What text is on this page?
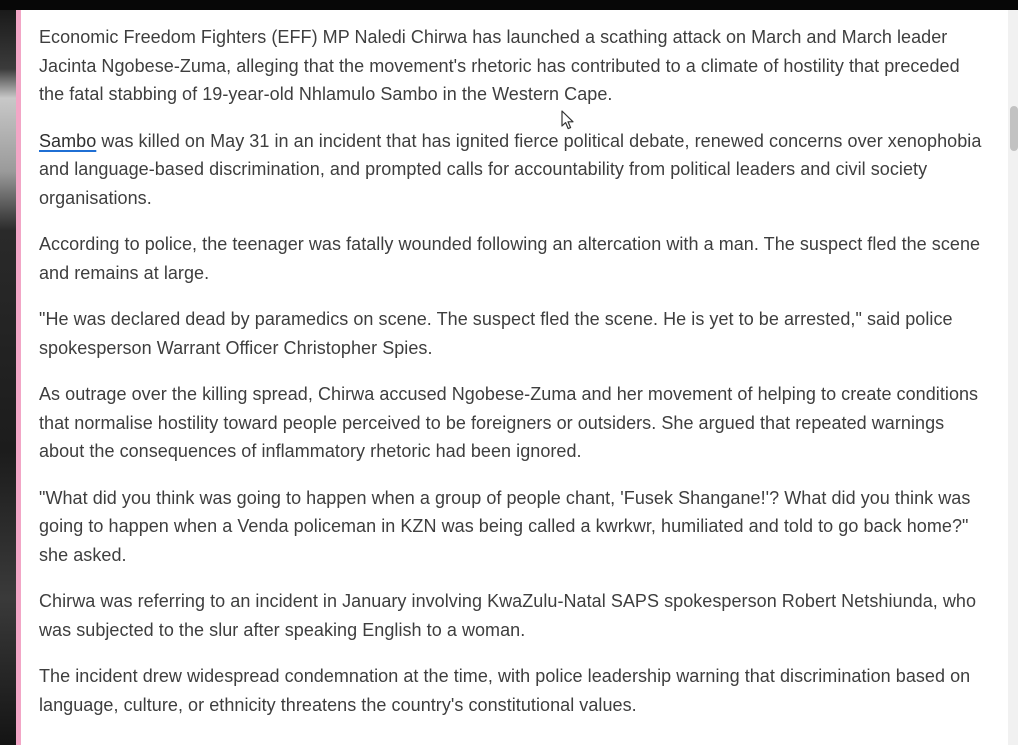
Economic Freedom Fighters (EFF) MP Naledi Chirwa has launched a scathing attack on March and March leader Jacinta Ngobese-Zuma, alleging that the movement's rhetoric has contributed to a climate of hostility that preceded the fatal stabbing of 19-year-old Nhlamulo Sambo in the Western Cape.

Sambo was killed on May 31 in an incident that has ignited fierce political debate, renewed concerns over xenophobia and language-based discrimination, and prompted calls for accountability from political leaders and civil society organisations.

According to police, the teenager was fatally wounded following an altercation with a man. The suspect fled the scene and remains at large.

"He was declared dead by paramedics on scene. The suspect fled the scene. He is yet to be arrested," said police spokesperson Warrant Officer Christopher Spies.

As outrage over the killing spread, Chirwa accused Ngobese-Zuma and her movement of helping to create conditions that normalise hostility toward people perceived to be foreigners or outsiders. She argued that repeated warnings about the consequences of inflammatory rhetoric had been ignored.

"What did you think was going to happen when a group of people chant, 'Fusek Shangane!'? What did you think was going to happen when a Venda policeman in KZN was being called a kwrkwr, humiliated and told to go back home?" she asked.

Chirwa was referring to an incident in January involving KwaZulu-Natal SAPS spokesperson Robert Netshiunda, who was subjected to the slur after speaking English to a woman.

The incident drew widespread condemnation at the time, with police leadership warning that discrimination based on language, culture, or ethnicity threatens the country's constitutional values.
